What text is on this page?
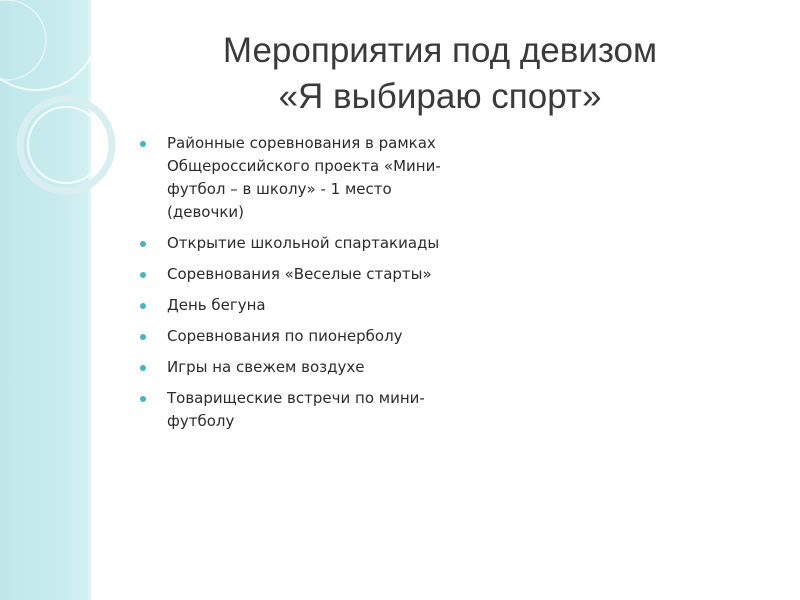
Мероприятия под девизом
«Я выбираю спорт»
Районные соревнования в рамках Общероссийского проекта «Мини-футбол – в школу» - 1 место (девочки)
Открытие школьной спартакиады
Соревнования «Веселые старты»
День бегуна
Соревнования по пионерболу
Игры на свежем воздухе
Товарищеские встречи по мини-футболу
